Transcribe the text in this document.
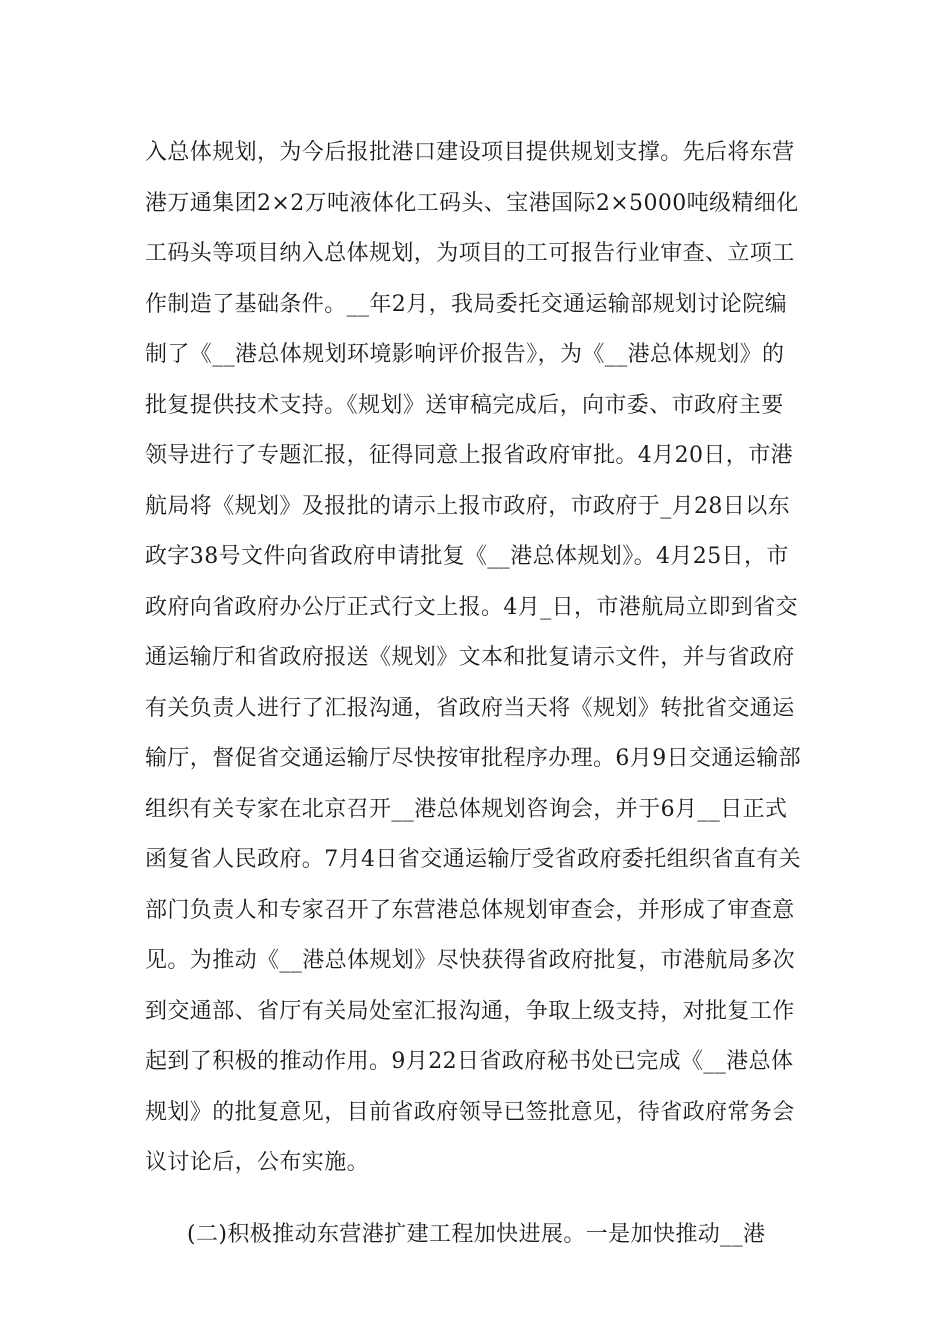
入总体规划，为今后报批港口建设项目提供规划支撑。先后将东营
港万通集团2×2万吨液体化工码头、宝港国际2×5000吨级精细化
工码头等项目纳入总体规划，为项目的工可报告行业审查、立项工
作制造了基础条件。__年2月，我局委托交通运输部规划讨论院编
制了《__港总体规划环境影响评价报告》，为《__港总体规划》的
批复提供技术支持。《规划》送审稿完成后，向市委、市政府主要
领导进行了专题汇报，征得同意上报省政府审批。4月20日，市港
航局将《规划》及报批的请示上报市政府，市政府于_月28日以东
政字38号文件向省政府申请批复《__港总体规划》。4月25日，市
政府向省政府办公厅正式行文上报。4月_日，市港航局立即到省交
通运输厅和省政府报送《规划》文本和批复请示文件，并与省政府
有关负责人进行了汇报沟通，省政府当天将《规划》转批省交通运
输厅，督促省交通运输厅尽快按审批程序办理。6月9日交通运输部
组织有关专家在北京召开__港总体规划咨询会，并于6月__日正式
函复省人民政府。7月4日省交通运输厅受省政府委托组织省直有关
部门负责人和专家召开了东营港总体规划审查会，并形成了审查意
见。为推动《__港总体规划》尽快获得省政府批复，市港航局多次
到交通部、省厅有关局处室汇报沟通，争取上级支持，对批复工作
起到了积极的推动作用。9月22日省政府秘书处已完成《__港总体
规划》的批复意见，目前省政府领导已签批意见，待省政府常务会
议讨论后，公布实施。
(二)积极推动东营港扩建工程加快进展。一是加快推动__港
